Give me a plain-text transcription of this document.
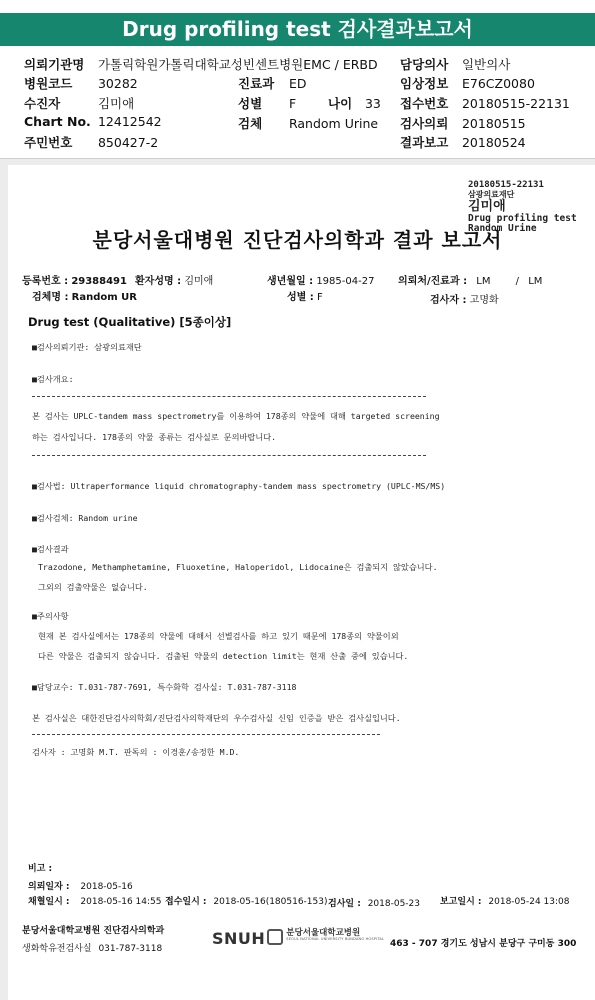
Drug profiling test 검사결과보고서
의뢰기관명 가톨릭학원가톨릭대학교성빈센트병원EMC / ERBD 담당의사 일반의사
병원코드 30282	진료과 ED	임상정보 E76CZ0080
수진자	김미애	성별 F	나이 33 접수번호 20180515-22131
Chart No. 12412542	검체 Random Urine 검사의뢰 20180515
주민번호 850427-2	결과보고 20180524
20180515-22131
삼광의료재단
김미애
Drug profiling test
Random Urine
분당서울대병원 진단검사의학과 결과 보고서
등록번호 : 29388491 환자성명 : 김미애	생년월일 : 1985-04-27 의뢰처/진료과 : LM	/ LM
검체명 : Random UR	성별 : F	검사자 : 고명화
Drug test (Qualitative) [5종이상]
■검사의뢰기관: 삼광의료재단
■검사개요:
본 검사는 UPLC-tandem mass spectrometry를 이용하여 178종의 약물에 대해 targeted screening
하는 검사입니다. 178종의 약물 종류는 검사실로 문의바랍니다.
■검사법: Ultraperformance liquid chromatography-tandem mass spectrometry (UPLC-MS/MS)
■검사검체: Random urine
■검사결과
Trazodone, Methamphetamine, Fluoxetine, Haloperidol, Lidocaine은 검출되지 않았습니다.
그외의 검출약물은 없습니다.
■주의사항
현재 본 검사실에서는 178종의 약물에 대해서 선별검사를 하고 있기 때문에 178종의 약물이외
다른 약물은 검출되지 않습니다. 검출된 약물의 detection limit는 현재 산출 중에 있습니다.
■담당교수: T.031-787-7691, 특수화학 검사실: T.031-787-3118
본 검사실은 대한진단검사의학회/진단검사의학재단의 우수검사실 신임 인증을 받은 검사실입니다.
검사자 : 고명화 M.T. 판독의 : 이경훈/송정한 M.D.
비고 :
의뢰일자 : 2018-05-16
채혈일시 : 2018-05-16 14:55 접수일시 : 2018-05-16(180516-153) 검사일 : 2018-05-23 보고일시 : 2018-05-24 13:08
분당서울대학교병원 진단검사의학과
생화학유전검사실 031-787-3118
SNUH 분당서울대학교병원
SEOUL NATIONAL UNIVERSITY BUNDANG HOSPITAL
463 - 707 경기도 성남시 분당구 구미동 300
